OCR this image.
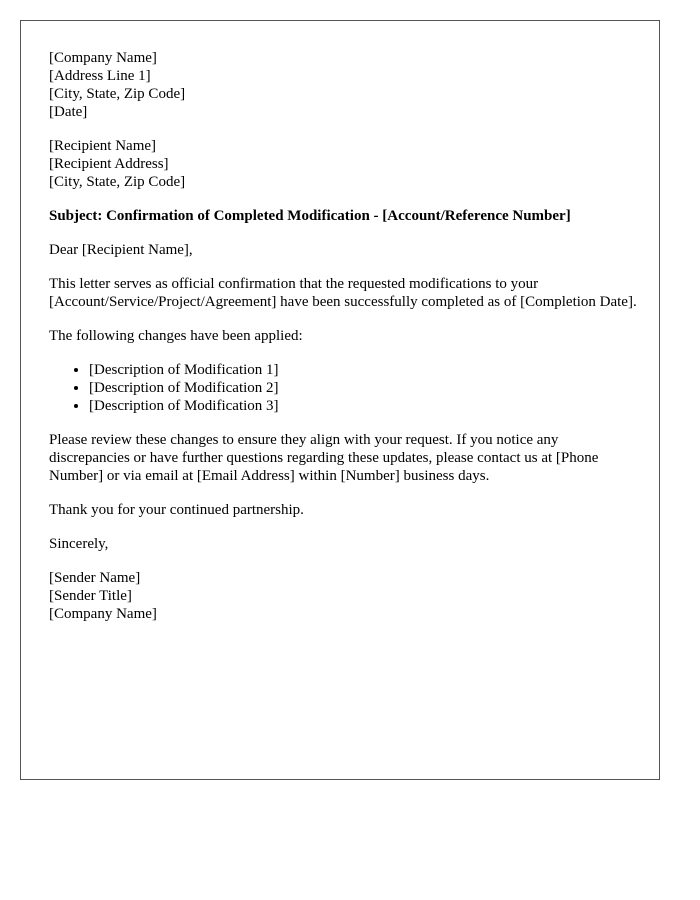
[Company Name]
[Address Line 1]
[City, State, Zip Code]
[Date]
[Recipient Name]
[Recipient Address]
[City, State, Zip Code]

Subject: Confirmation of Completed Modification - [Account/Reference Number]

Dear [Recipient Name],

This letter serves as official confirmation that the requested modifications to your [Account/Service/Project/Agreement] have been successfully completed as of [Completion Date].

The following changes have been applied:

• [Description of Modification 1]
• [Description of Modification 2]
• [Description of Modification 3]

Please review these changes to ensure they align with your request. If you notice any discrepancies or have further questions regarding these updates, please contact us at [Phone Number] or via email at [Email Address] within [Number] business days.

Thank you for your continued partnership.

Sincerely,

[Sender Name]
[Sender Title]
[Company Name]
